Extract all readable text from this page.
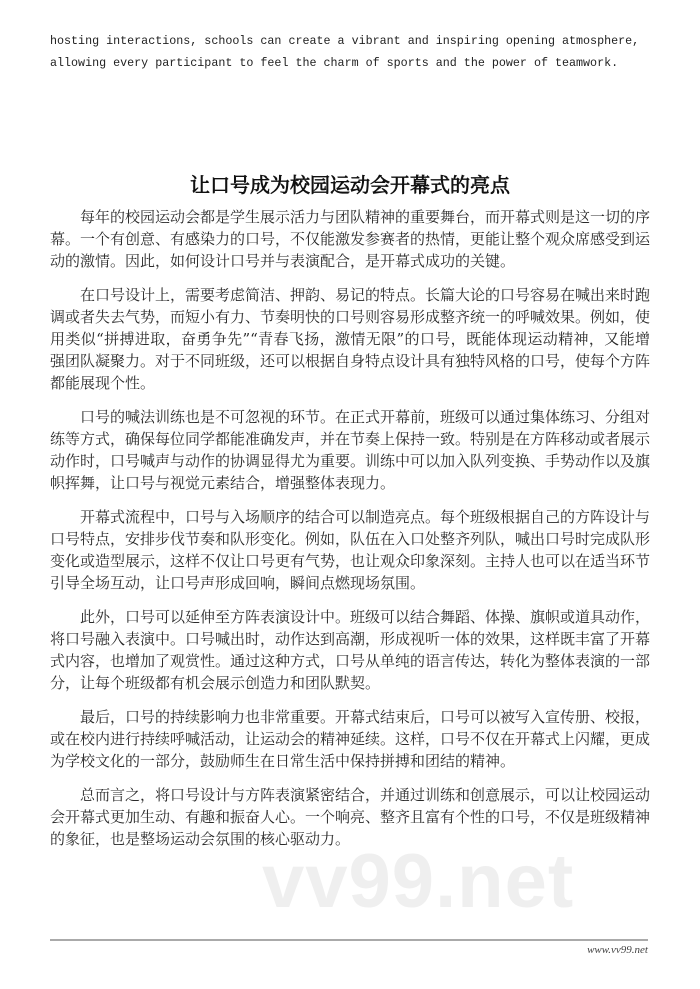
hosting interactions, schools can create a vibrant and inspiring opening atmosphere,
allowing every participant to feel the charm of sports and the power of teamwork.
让口号成为校园运动会开幕式的亮点

每年的校园运动会都是学生展示活力与团队精神的重要舞台，而开幕式则是这一切的序幕。一个有创意、有感染力的口号，不仅能激发参赛者的热情，更能让整个观众席感受到运动的激情。因此，如何设计口号并与表演配合，是开幕式成功的关键。

在口号设计上，需要考虑简洁、押韵、易记的特点。长篇大论的口号容易在喊出来时跑调或者失去气势，而短小有力、节奏明快的口号则容易形成整齐统一的呼喊效果。例如，使用类似“拼搏进取，奋勇争先”“青春飞扬，激情无限”的口号，既能体现运动精神，又能增强团队凝聚力。对于不同班级，还可以根据自身特点设计具有独特风格的口号，使每个方阵都能展现个性。

口号的喊法训练也是不可忽视的环节。在正式开幕前，班级可以通过集体练习、分组对练等方式，确保每位同学都能准确发声，并在节奏上保持一致。特别是在方阵移动或者展示动作时，口号喊声与动作的协调显得尤为重要。训练中可以加入队列变换、手势动作以及旗帜挥舞，让口号与视觉元素结合，增强整体表现力。

开幕式流程中，口号与入场顺序的结合可以制造亮点。每个班级根据自己的方阵设计与口号特点，安排步伐节奏和队形变化。例如，队伍在入口处整齐列队，喊出口号时完成队形变化或造型展示，这样不仅让口号更有气势，也让观众印象深刻。主持人也可以在适当环节引导全场互动，让口号声形成回响，瞬间点燃现场氛围。

此外，口号可以延伸至方阵表演设计中。班级可以结合舞蹈、体操、旗帜或道具动作，将口号融入表演中。口号喊出时，动作达到高潮，形成视听一体的效果，这样既丰富了开幕式内容，也增加了观赏性。通过这种方式，口号从单纯的语言传达，转化为整体表演的一部分，让每个班级都有机会展示创造力和团队默契。

最后，口号的持续影响力也非常重要。开幕式结束后，口号可以被写入宣传册、校报，或在校内进行持续呼喊活动，让运动会的精神延续。这样，口号不仅在开幕式上闪耀，更成为学校文化的一部分，鼓励师生在日常生活中保持拼搏和团结的精神。

总而言之，将口号设计与方阵表演紧密结合，并通过训练和创意展示，可以让校园运动会开幕式更加生动、有趣和振奋人心。一个响亮、整齐且富有个性的口号，不仅是班级精神的象征，也是整场运动会氛围的核心驱动力。

vv99.net
www.vv99.net
